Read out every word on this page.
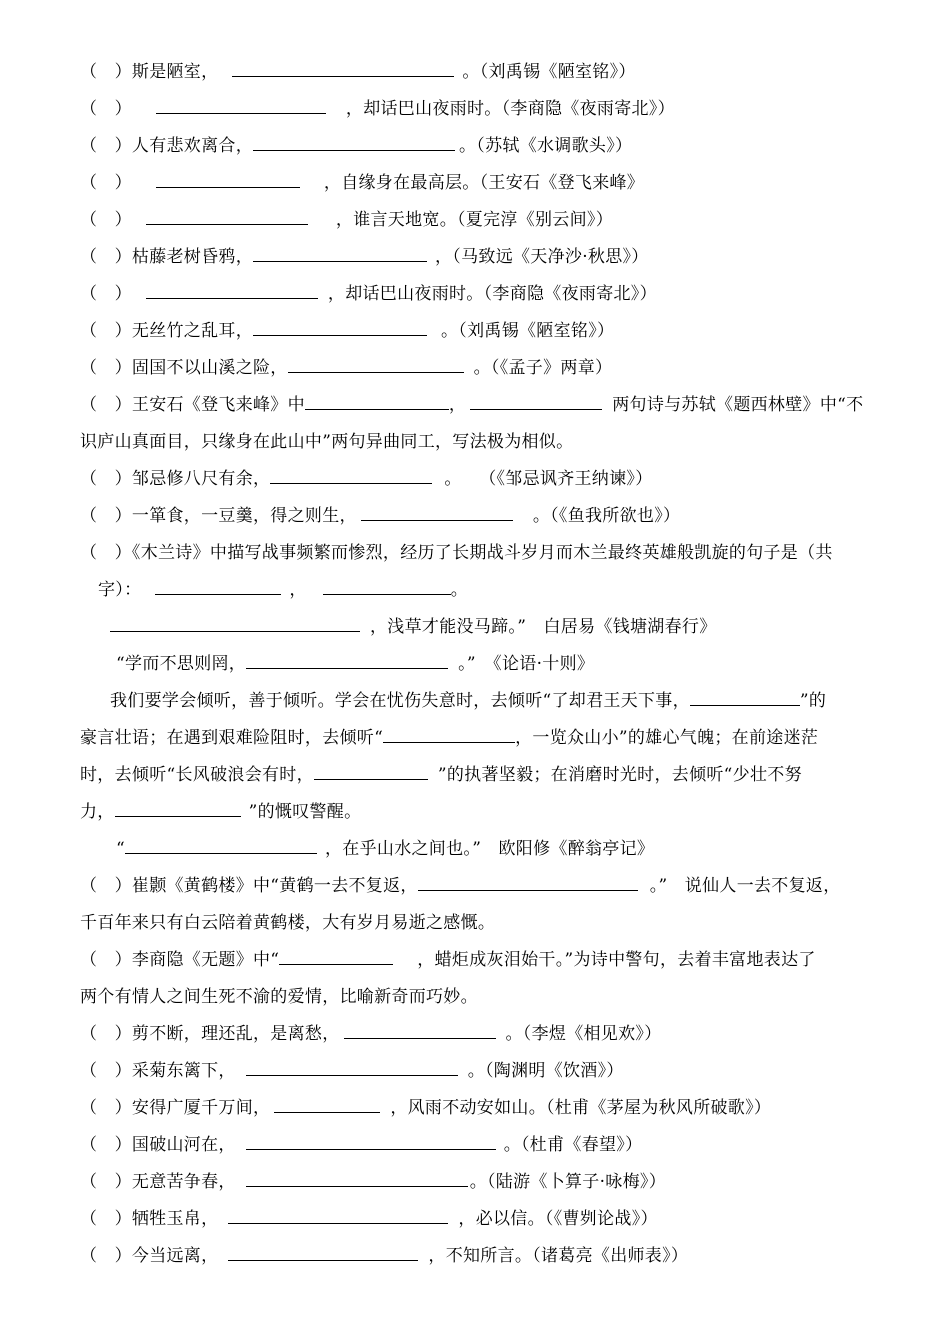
（　）斯是陋室，	。（刘禹锡《陋室铭》）
（　）	，却话巴山夜雨时。（李商隐《夜雨寄北》）
（　）人有悲欢离合，	。（苏轼《水调歌头》）
（　）	，自缘身在最高层。（王安石《登飞来峰》
（　）	，谁言天地宽。（夏完淳《别云间》）
（　）枯藤老树昏鸦，	，（马致远《天净沙·秋思》）
（　）	，却话巴山夜雨时。（李商隐《夜雨寄北》）
（　）无丝竹之乱耳，	。（刘禹锡《陋室铭》）
（　）固国不以山溪之险，	。（《孟子》两章）
（　）王安石《登飞来峰》中	，	两句诗与苏轼《题西林壁》中“不
识庐山真面目，只缘身在此山中”两句异曲同工，写法极为相似。
（　）邹忌修八尺有余，	。　　（《邹忌讽齐王纳谏》）
（　）一箪食，一豆羹，得之则生，	。（《鱼我所欲也》）
（　）《木兰诗》中描写战事频繁而惨烈，经历了长期战斗岁月而木兰最终英雄般凯旋的句子是（共
字）：	，	。
，浅草才能没马蹄。”　白居易《钱塘湖春行》
“学而不思则罔，	。”　《论语·十则》
我们要学会倾听，善于倾听。学会在忧伤失意时，去倾听“了却君王天下事，	”的
豪言壮语；在遇到艰难险阻时，去倾听“	，一览众山小”的雄心气魄；在前途迷茫
时，去倾听“长风破浪会有时，	”的执著坚毅；在消磨时光时，去倾听“少壮不努
力，	”的慨叹警醒。
“	，在乎山水之间也。”　欧阳修《醉翁亭记》
（　）崔颢《黄鹤楼》中“黄鹤一去不复返，	。”　说仙人一去不复返，
千百年来只有白云陪着黄鹤楼，大有岁月易逝之感慨。
（　）李商隐《无题》中“	，蜡炬成灰泪始干。”为诗中警句，去着丰富地表达了
两个有情人之间生死不渝的爱情，比喻新奇而巧妙。
（　）剪不断，理还乱，是离愁，	。（李煜《相见欢》）
（　）采菊东篱下，	。（陶渊明《饮酒》）
（　）安得广厦千万间，	，风雨不动安如山。（杜甫《茅屋为秋风所破歌》）
（　）国破山河在，	。（杜甫《春望》）
（　）无意苦争春，	。（陆游《卜算子·咏梅》）
（　）牺牲玉帛，	，必以信。（《曹刿论战》）
（　）今当远离，	，不知所言。（诸葛亮《出师表》）
